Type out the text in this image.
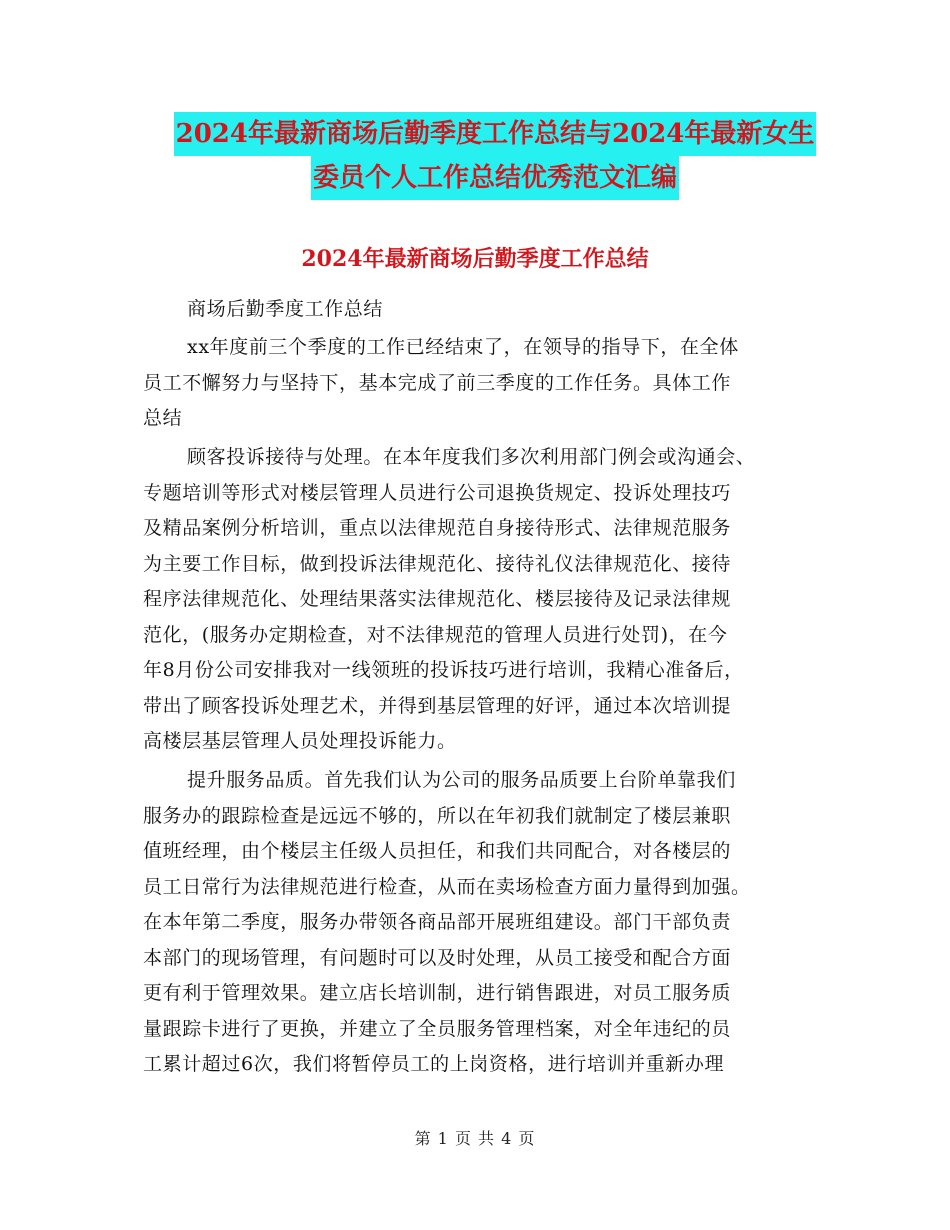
2024年最新商场后勤季度工作总结与2024年最新女生
委员个人工作总结优秀范文汇编
2024年最新商场后勤季度工作总结
商场后勤季度工作总结
xx年度前三个季度的工作已经结束了，在领导的指导下，在全体
员工不懈努力与坚持下，基本完成了前三季度的工作任务。具体工作
总结
顾客投诉接待与处理。在本年度我们多次利用部门例会或沟通会、
专题培训等形式对楼层管理人员进行公司退换货规定、投诉处理技巧
及精品案例分析培训，重点以法律规范自身接待形式、法律规范服务
为主要工作目标，做到投诉法律规范化、接待礼仪法律规范化、接待
程序法律规范化、处理结果落实法律规范化、楼层接待及记录法律规
范化，(服务办定期检查，对不法律规范的管理人员进行处罚)，在今
年8月份公司安排我对一线领班的投诉技巧进行培训，我精心准备后，
带出了顾客投诉处理艺术，并得到基层管理的好评，通过本次培训提
高楼层基层管理人员处理投诉能力。
提升服务品质。首先我们认为公司的服务品质要上台阶单靠我们
服务办的跟踪检查是远远不够的，所以在年初我们就制定了楼层兼职
值班经理，由个楼层主任级人员担任，和我们共同配合，对各楼层的
员工日常行为法律规范进行检查，从而在卖场检查方面力量得到加强。
在本年第二季度，服务办带领各商品部开展班组建设。部门干部负责
本部门的现场管理，有问题时可以及时处理，从员工接受和配合方面
更有利于管理效果。建立店长培训制，进行销售跟进，对员工服务质
量跟踪卡进行了更换，并建立了全员服务管理档案，对全年违纪的员
工累计超过6次，我们将暂停员工的上岗资格，进行培训并重新办理
第 1 页 共 4 页
